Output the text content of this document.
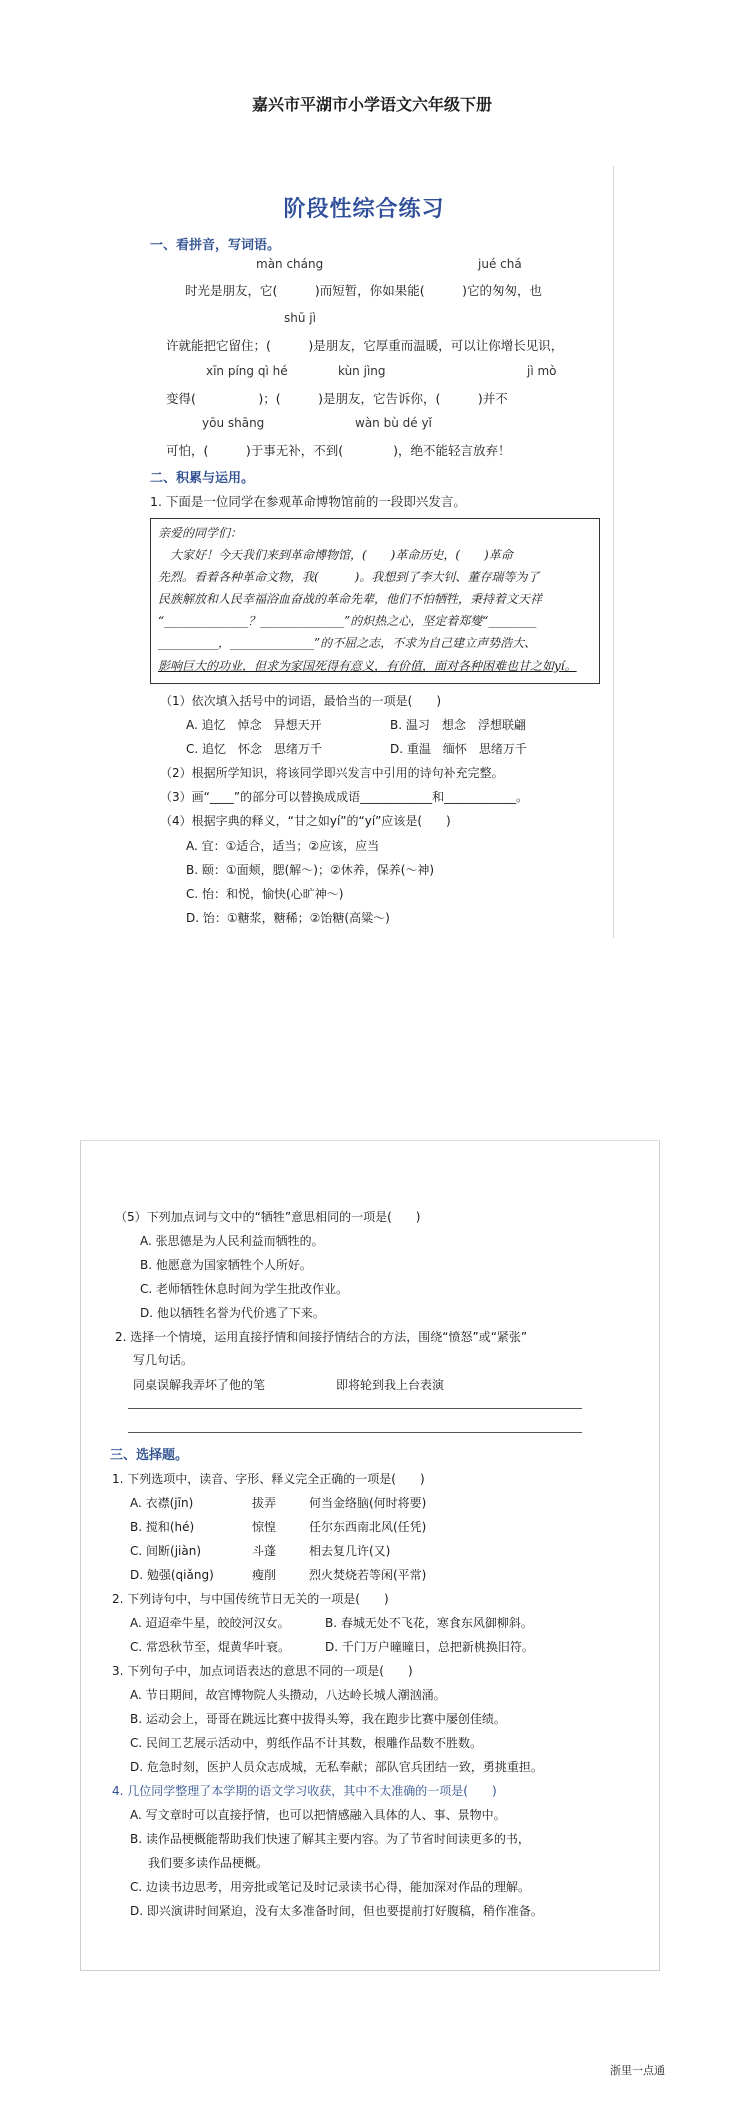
嘉兴市平湖市小学语文六年级下册
阶段性综合练习
一、看拼音，写词语。
màn cháng	jué chá
时光是朋友，它(　　　)而短暂，你如果能(　　　)它的匆匆，也
shū jì
许就能把它留住；(　　　)是朋友，它厚重而温暖，可以让你增长见识，
xīn píng qì hé	kùn jìng	jì mò
变得(　　　　　)；(　　　)是朋友，它告诉你，(　　　)并不
yōu shāng	wàn bù dé yǐ
可怕，(　　　)于事无补，不到(　　　　)，绝不能轻言放弃！
二、积累与运用。
1. 下面是一位同学在参观革命博物馆前的一段即兴发言。
亲爱的同学们：
　大家好！今天我们来到革命博物馆，(　　)革命历史，(　　)革命
先烈。看着各种革命文物，我(　　　)。我想到了李大钊、董存瑞等为了
民族解放和人民幸福浴血奋战的革命先辈，他们不怕牺牲，秉持着文天祥
“______________？______________”的炽热之心，坚定着郑燮“________
__________，______________”的不屈之志，不求为自己建立声势浩大、
影响巨大的功业，但求为家国死得有意义，有价值，面对各种困难也甘之如yí。
（1）依次填入括号中的词语，最恰当的一项是(　　)
A. 追忆　悼念　异想天开	B. 温习　想念　浮想联翩
C. 追忆　怀念　思绪万千	D. 重温　缅怀　思绪万千
（2）根据所学知识，将该同学即兴发言中引用的诗句补充完整。
（3）画“____”的部分可以替换成成语____________和____________。
（4）根据字典的释义，“甘之如yí”的“yí”应该是(　　)
A. 宜：①适合，适当；②应该，应当
B. 颐：①面颊，腮(解～)；②休养，保养(～神)
C. 怡：和悦，愉快(心旷神～)
D. 饴：①糖浆，糖稀；②饴糖(高粱～)
（5）下列加点词与文中的“牺牲”意思相同的一项是(　　)
A. 张思德是为人民利益而牺牲的。
B. 他愿意为国家牺牲个人所好。
C. 老师牺牲休息时间为学生批改作业。
D. 他以牺牲名誉为代价逃了下来。
2. 选择一个情境，运用直接抒情和间接抒情结合的方法，围绕“愤怒”或“紧张”
写几句话。
同桌误解我弄坏了他的笔	即将轮到我上台表演
三、选择题。
1. 下列选项中，读音、字形、释义完全正确的一项是(　　)
A. 衣襟(jīn)	拔弄	何当金络脑(何时将要)
B. 搅和(hé)	惊惶	任尔东西南北风(任凭)
C. 间断(jiàn)	斗蓬	相去复几许(又)
D. 勉强(qiǎng)	瘦削	烈火焚烧若等闲(平常)
2. 下列诗句中，与中国传统节日无关的一项是(　　)
A. 迢迢牵牛星，皎皎河汉女。	B. 春城无处不飞花，寒食东风御柳斜。
C. 常恐秋节至，焜黄华叶衰。	D. 千门万户曈曈日，总把新桃换旧符。
3. 下列句子中，加点词语表达的意思不同的一项是(　　)
A. 节日期间，故宫博物院人头攒动，八达岭长城人潮汹涌。
B. 运动会上，哥哥在跳远比赛中拔得头筹，我在跑步比赛中屡创佳绩。
C. 民间工艺展示活动中，剪纸作品不计其数，根雕作品数不胜数。
D. 危急时刻，医护人员众志成城，无私奉献；部队官兵团结一致，勇挑重担。
4. 几位同学整理了本学期的语文学习收获，其中不太准确的一项是(　　)
A. 写文章时可以直接抒情，也可以把情感融入具体的人、事、景物中。
B. 读作品梗概能帮助我们快速了解其主要内容。为了节省时间读更多的书，
我们要多读作品梗概。
C. 边读书边思考，用旁批或笔记及时记录读书心得，能加深对作品的理解。
D. 即兴演讲时间紧迫，没有太多准备时间，但也要提前打好腹稿，稍作准备。
浙里一点通
